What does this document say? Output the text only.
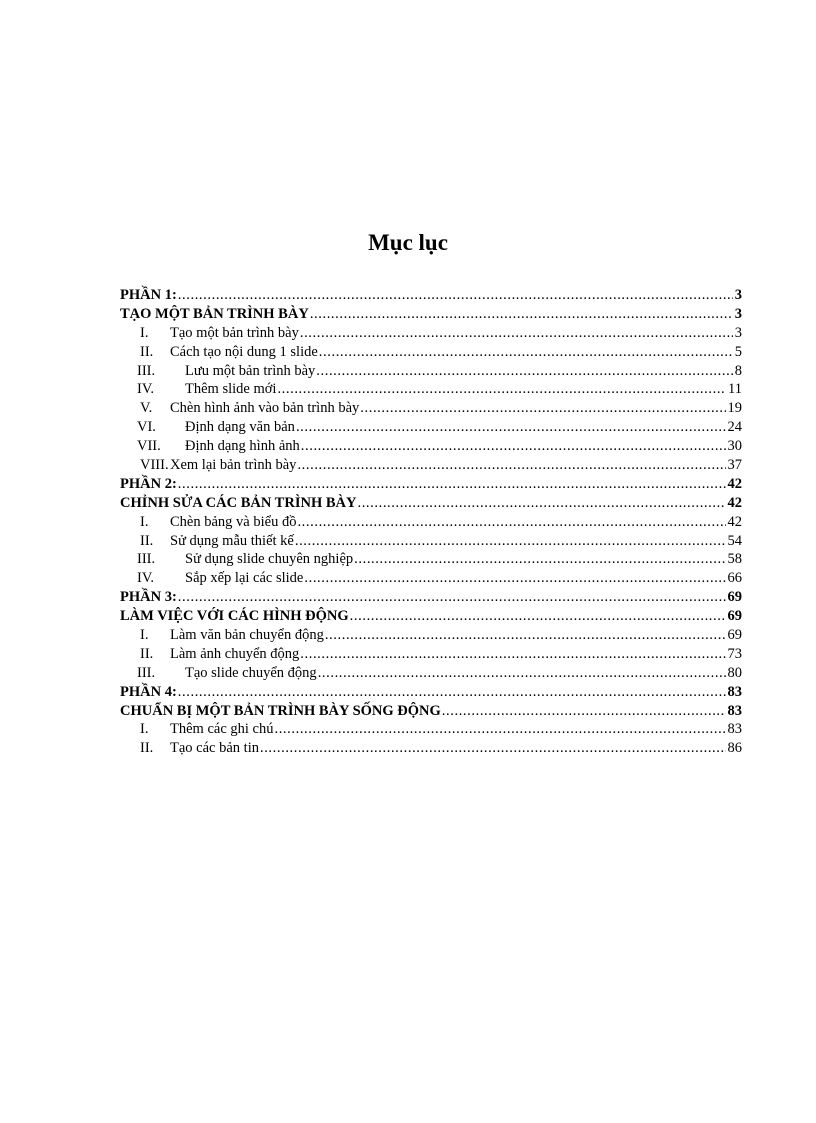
Mục lục
PHẦN 1: .....	3
TẠO MỘT BẢN TRÌNH BÀY .....	3
I. Tạo một bản trình bày .....	3
II. Cách tạo nội dung 1 slide .....	5
III. Lưu một bản trình bày .....	8
IV. Thêm slide mới .....	11
V. Chèn hình ảnh vào bản trình bày .....	19
VI. Định dạng văn bản .....	24
VII. Định dạng hình ảnh .....	30
VIII.Xem lại bản trình bày .....	37
PHẦN 2: .....	42
CHỈNH SỬA CÁC BẢN TRÌNH BÀY .....	42
I. Chèn bảng và biểu đồ .....	42
II. Sử dụng mẫu thiết kế .....	54
III. Sử dụng slide chuyên nghiệp .....	58
IV. Sắp xếp lại các slide .....	66
PHẦN 3: .....	69
LÀM VIỆC VỚI CÁC HÌNH ĐỘNG .....	69
I. Làm văn bản chuyển động .....	69
II. Làm ảnh chuyển động .....	73
III. Tạo slide chuyển động .....	80
PHẦN 4: .....	83
CHUẨN BỊ MỘT BẢN TRÌNH BÀY SỐNG ĐỘNG .....	83
I. Thêm các ghi chú .....	83
II. Tạo các bản tin .....	86
